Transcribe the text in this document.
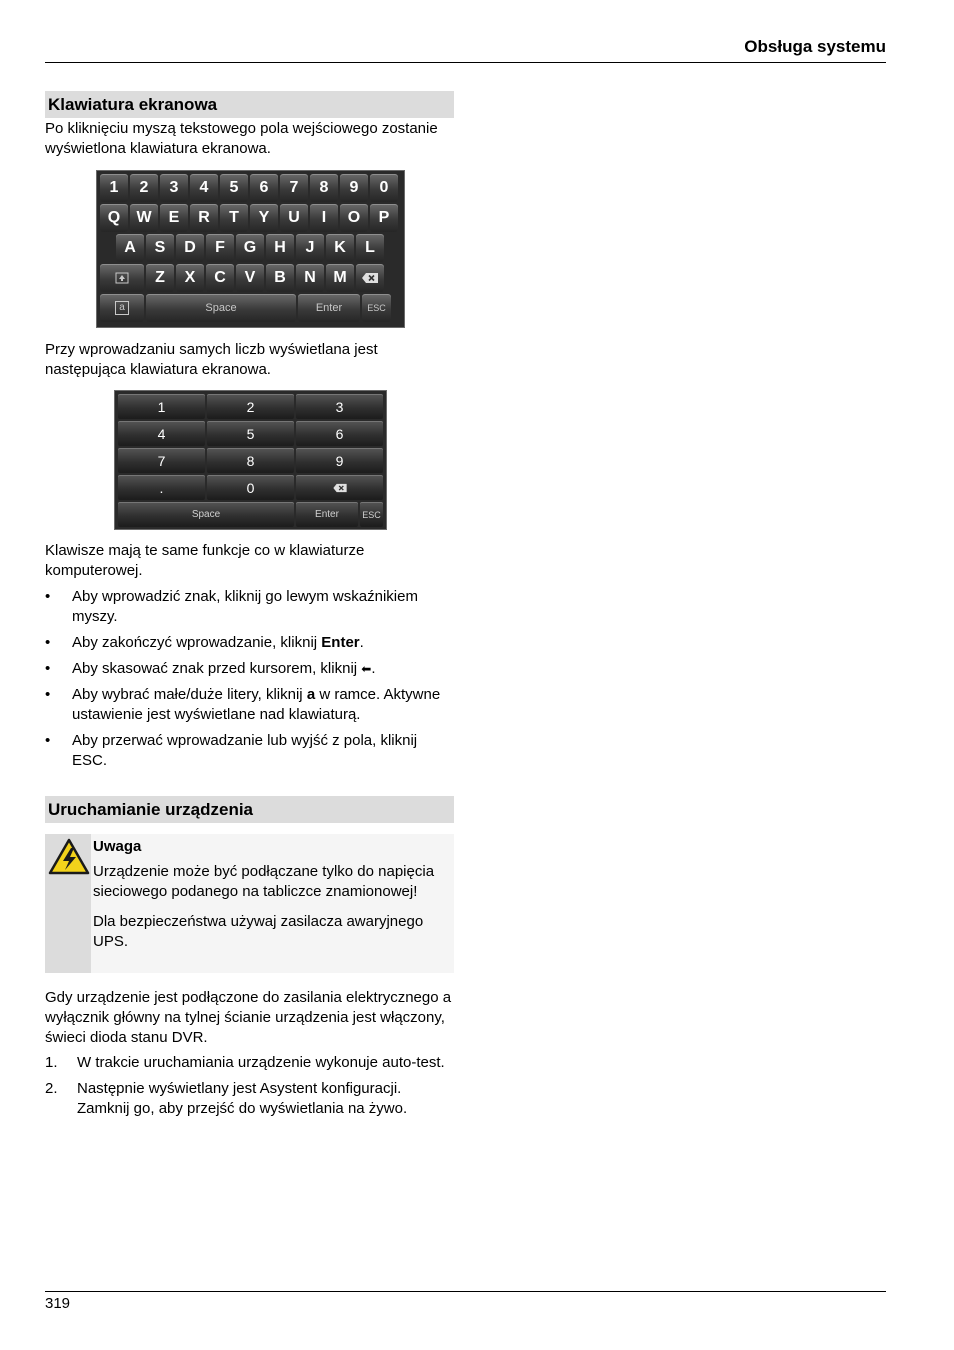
Obsługa systemu
Klawiatura ekranowa

Po kliknięciu myszą tekstowego pola wejściowego zostanie wyświetlona klawiatura ekranowa.

1	2	3	4	5	6	7	8	9	0
Q	W	E	R	T	Y	U	I	O	P
A	S	D	F	G	H	J	K	L
Z	X	C	V	B	N	M
a	Space	Enter	ESC

Przy wprowadzaniu samych liczb wyświetlana jest następująca klawiatura ekranowa.

1	2	3
4	5	6
7	8	9
.	0
Space	Enter	ESC

Klawisze mają te same funkcje co w klawiaturze komputerowej.

•	Aby wprowadzić znak, kliknij go lewym wskaźnikiem myszy.
•	Aby zakończyć wprowadzanie, kliknij Enter.
•	Aby skasować znak przed kursorem, kliknij ⬅.
•	Aby wybrać małe/duże litery, kliknij a w ramce. Aktywne ustawienie jest wyświetlane nad klawiaturą.
•	Aby przerwać wprowadzanie lub wyjść z pola, kliknij ESC.
Uruchamianie urządzenia
Uwaga

Urządzenie może być podłączane tylko do napięcia sieciowego podanego na tabliczce znamionowej!

Dla bezpieczeństwa używaj zasilacza awaryjnego UPS.

Gdy urządzenie jest podłączone do zasilania elektrycznego a wyłącznik główny na tylnej ścianie urządzenia jest włączony, świeci dioda stanu DVR.

1. W trakcie uruchamiania urządzenie wykonuje auto-test.
2. Następnie wyświetlany jest Asystent konfiguracji. Zamknij go, aby przejść do wyświetlania na żywo.
319
